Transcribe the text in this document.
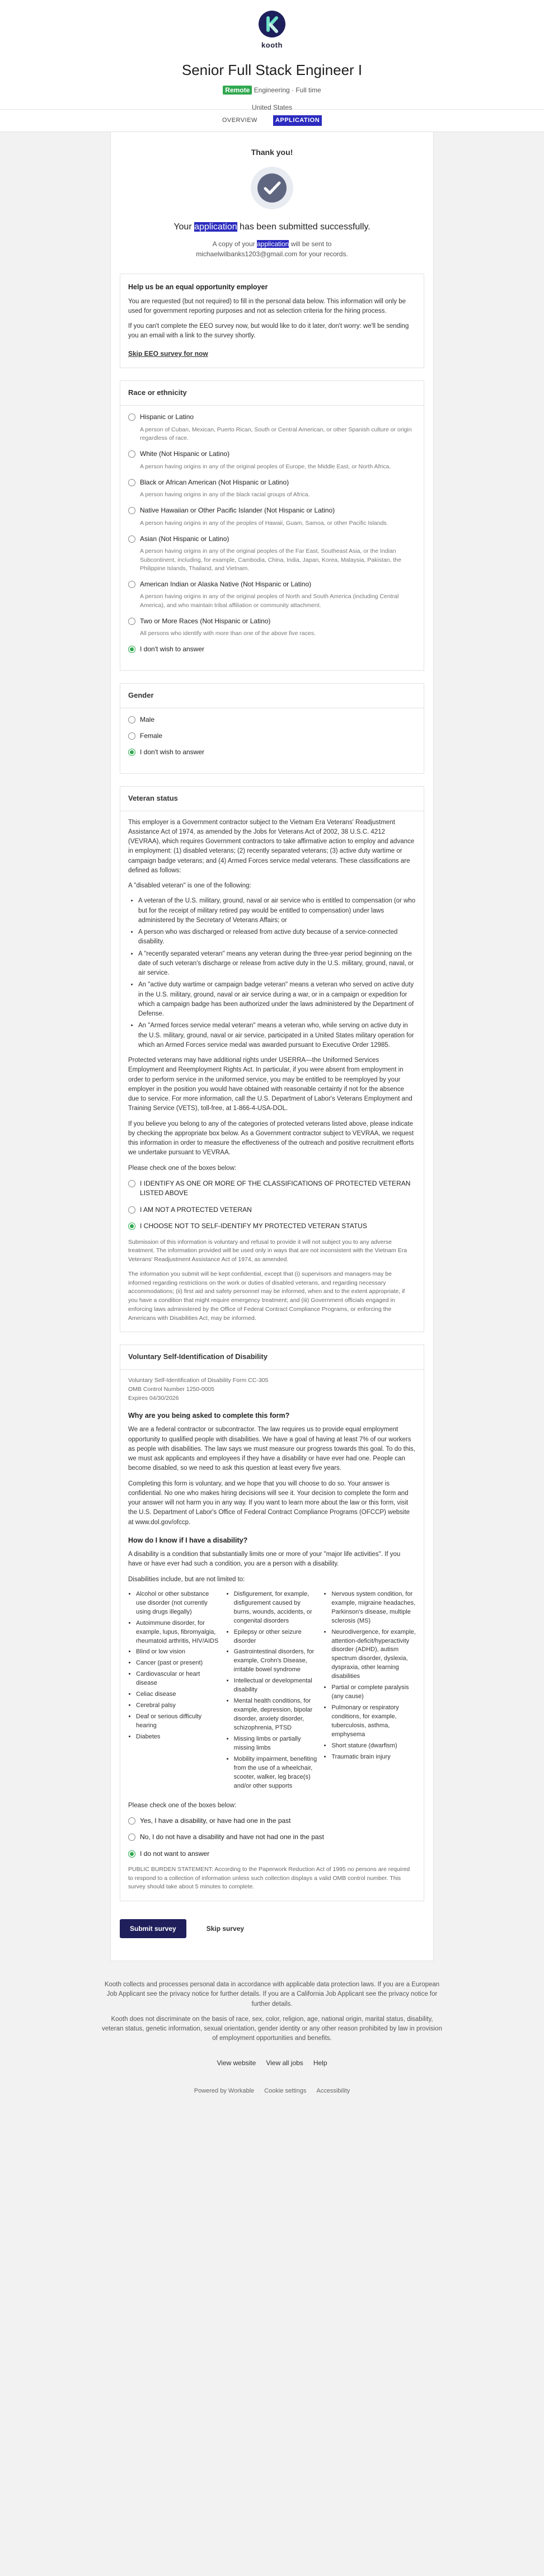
kooth
Senior Full Stack Engineer I
Remote Engineering · Full time
United States
OVERVIEW	APPLICATION
Thank you!
Your application has been submitted successfully.
A copy of your application will be sent to
michaelwilbanks1203@gmail.com for your records.
Help us be an equal opportunity employer
You are requested (but not required) to fill in the personal data below. This information will only be used for government reporting purposes and not as selection criteria for the hiring process.
If you can't complete the EEO survey now, but would like to do it later, don't worry: we'll be sending you an email with a link to the survey shortly.
Skip EEO survey for now
Race or ethnicity
Hispanic or Latino
A person of Cuban, Mexican, Puerto Rican, South or Central American, or other Spanish culture or origin regardless of race.
White (Not Hispanic or Latino)
A person having origins in any of the original peoples of Europe, the Middle East, or North Africa.
Black or African American (Not Hispanic or Latino)
A person having origins in any of the black racial groups of Africa.
Native Hawaiian or Other Pacific Islander (Not Hispanic or Latino)
A person having origins in any of the peoples of Hawaii, Guam, Samoa, or other Pacific Islands.
Asian (Not Hispanic or Latino)
A person having origins in any of the original peoples of the Far East, Southeast Asia, or the Indian Subcontinent, including, for example, Cambodia, China, India, Japan, Korea, Malaysia, Pakistan, the Philippine Islands, Thailand, and Vietnam.
American Indian or Alaska Native (Not Hispanic or Latino)
A person having origins in any of the original peoples of North and South America (including Central America), and who maintain tribal affiliation or community attachment.
Two or More Races (Not Hispanic or Latino)
All persons who identify with more than one of the above five races.
I don't wish to answer
Gender
Male
Female
I don't wish to answer
Veteran status
This employer is a Government contractor subject to the Vietnam Era Veterans' Readjustment Assistance Act of 1974, as amended by the Jobs for Veterans Act of 2002, 38 U.S.C. 4212 (VEVRAA), which requires Government contractors to take affirmative action to employ and advance in employment: (1) disabled veterans; (2) recently separated veterans; (3) active duty wartime or campaign badge veterans; and (4) Armed Forces service medal veterans. These classifications are defined as follows:
A "disabled veteran" is one of the following:
• A veteran of the U.S. military, ground, naval or air service who is entitled to compensation (or who but for the receipt of military retired pay would be entitled to compensation) under laws administered by the Secretary of Veterans Affairs; or
• A person who was discharged or released from active duty because of a service-connected disability.
• A "recently separated veteran" means any veteran during the three-year period beginning on the date of such veteran's discharge or release from active duty in the U.S. military, ground, naval, or air service.
• An "active duty wartime or campaign badge veteran" means a veteran who served on active duty in the U.S. military, ground, naval or air service during a war, or in a campaign or expedition for which a campaign badge has been authorized under the laws administered by the Department of Defense.
• An "Armed forces service medal veteran" means a veteran who, while serving on active duty in the U.S. military, ground, naval or air service, participated in a United States military operation for which an Armed Forces service medal was awarded pursuant to Executive Order 12985.
Protected veterans may have additional rights under USERRA—the Uniformed Services Employment and Reemployment Rights Act. In particular, if you were absent from employment in order to perform service in the uniformed service, you may be entitled to be reemployed by your employer in the position you would have obtained with reasonable certainty if not for the absence due to service. For more information, call the U.S. Department of Labor's Veterans Employment and Training Service (VETS), toll-free, at 1-866-4-USA-DOL.
If you believe you belong to any of the categories of protected veterans listed above, please indicate by checking the appropriate box below. As a Government contractor subject to VEVRAA, we request this information in order to measure the effectiveness of the outreach and positive recruitment efforts we undertake pursuant to VEVRAA.
Please check one of the boxes below:
I IDENTIFY AS ONE OR MORE OF THE CLASSIFICATIONS OF PROTECTED VETERAN LISTED ABOVE
I AM NOT A PROTECTED VETERAN
I CHOOSE NOT TO SELF-IDENTIFY MY PROTECTED VETERAN STATUS
Submission of this information is voluntary and refusal to provide it will not subject you to any adverse treatment. The information provided will be used only in ways that are not inconsistent with the Vietnam Era Veterans' Readjustment Assistance Act of 1974, as amended.
The information you submit will be kept confidential, except that (i) supervisors and managers may be informed regarding restrictions on the work or duties of disabled veterans, and regarding necessary accommodations; (ii) first aid and safety personnel may be informed, when and to the extent appropriate, if you have a condition that might require emergency treatment; and (iii) Government officials engaged in enforcing laws administered by the Office of Federal Contract Compliance Programs, or enforcing the Americans with Disabilities Act, may be informed.
Voluntary Self-Identification of Disability
Voluntary Self-Identification of Disability Form CC-305
OMB Control Number 1250-0005
Expires 04/30/2026
Why are you being asked to complete this form?
We are a federal contractor or subcontractor. The law requires us to provide equal employment opportunity to qualified people with disabilities. We have a goal of having at least 7% of our workers as people with disabilities. The law says we must measure our progress towards this goal. To do this, we must ask applicants and employees if they have a disability or have ever had one. People can become disabled, so we need to ask this question at least every five years.
Completing this form is voluntary, and we hope that you will choose to do so. Your answer is confidential. No one who makes hiring decisions will see it. Your decision to complete the form and your answer will not harm you in any way. If you want to learn more about the law or this form, visit the U.S. Department of Labor's Office of Federal Contract Compliance Programs (OFCCP) website at www.dol.gov/ofccp.
How do I know if I have a disability?
A disability is a condition that substantially limits one or more of your "major life activities". If you have or have ever had such a condition, you are a person with a disability.
Disabilities include, but are not limited to:
• Alcohol or other substance use disorder (not currently using drugs illegally)
• Autoimmune disorder, for example, lupus, fibromyalgia, rheumatoid arthritis, HIV/AIDS
• Blind or low vision
• Cancer (past or present)
• Cardiovascular or heart disease
• Celiac disease
• Cerebral palsy
• Deaf or serious difficulty hearing
• Diabetes
• Disfigurement, for example, disfigurement caused by burns, wounds, accidents, or congenital disorders
• Epilepsy or other seizure disorder
• Gastrointestinal disorders, for example, Crohn's Disease, irritable bowel syndrome
• Intellectual or developmental disability
• Mental health conditions, for example, depression, bipolar disorder, anxiety disorder, schizophrenia, PTSD
• Missing limbs or partially missing limbs
• Mobility impairment, benefiting from the use of a wheelchair, scooter, walker, leg brace(s) and/or other supports
• Nervous system condition, for example, migraine headaches, Parkinson's disease, multiple sclerosis (MS)
• Neurodivergence, for example, attention-deficit/hyperactivity disorder (ADHD), autism spectrum disorder, dyslexia, dyspraxia, other learning disabilities
• Partial or complete paralysis (any cause)
• Pulmonary or respiratory conditions, for example, tuberculosis, asthma, emphysema
• Short stature (dwarfism)
• Traumatic brain injury
Please check one of the boxes below:
Yes, I have a disability, or have had one in the past
No, I do not have a disability and have not had one in the past
I do not want to answer
PUBLIC BURDEN STATEMENT: According to the Paperwork Reduction Act of 1995 no persons are required to respond to a collection of information unless such collection displays a valid OMB control number. This survey should take about 5 minutes to complete.
Submit survey	Skip survey
Kooth collects and processes personal data in accordance with applicable data protection laws. If you are a European Job Applicant see the privacy notice for further details. If you are a California Job Applicant see the privacy notice for further details.
Kooth does not discriminate on the basis of race, sex, color, religion, age, national origin, marital status, disability, veteran status, genetic information, sexual orientation, gender identity or any other reason prohibited by law in provision of employment opportunities and benefits.
View website View all jobs Help
Powered by Workable Cookie settings Accessibility
